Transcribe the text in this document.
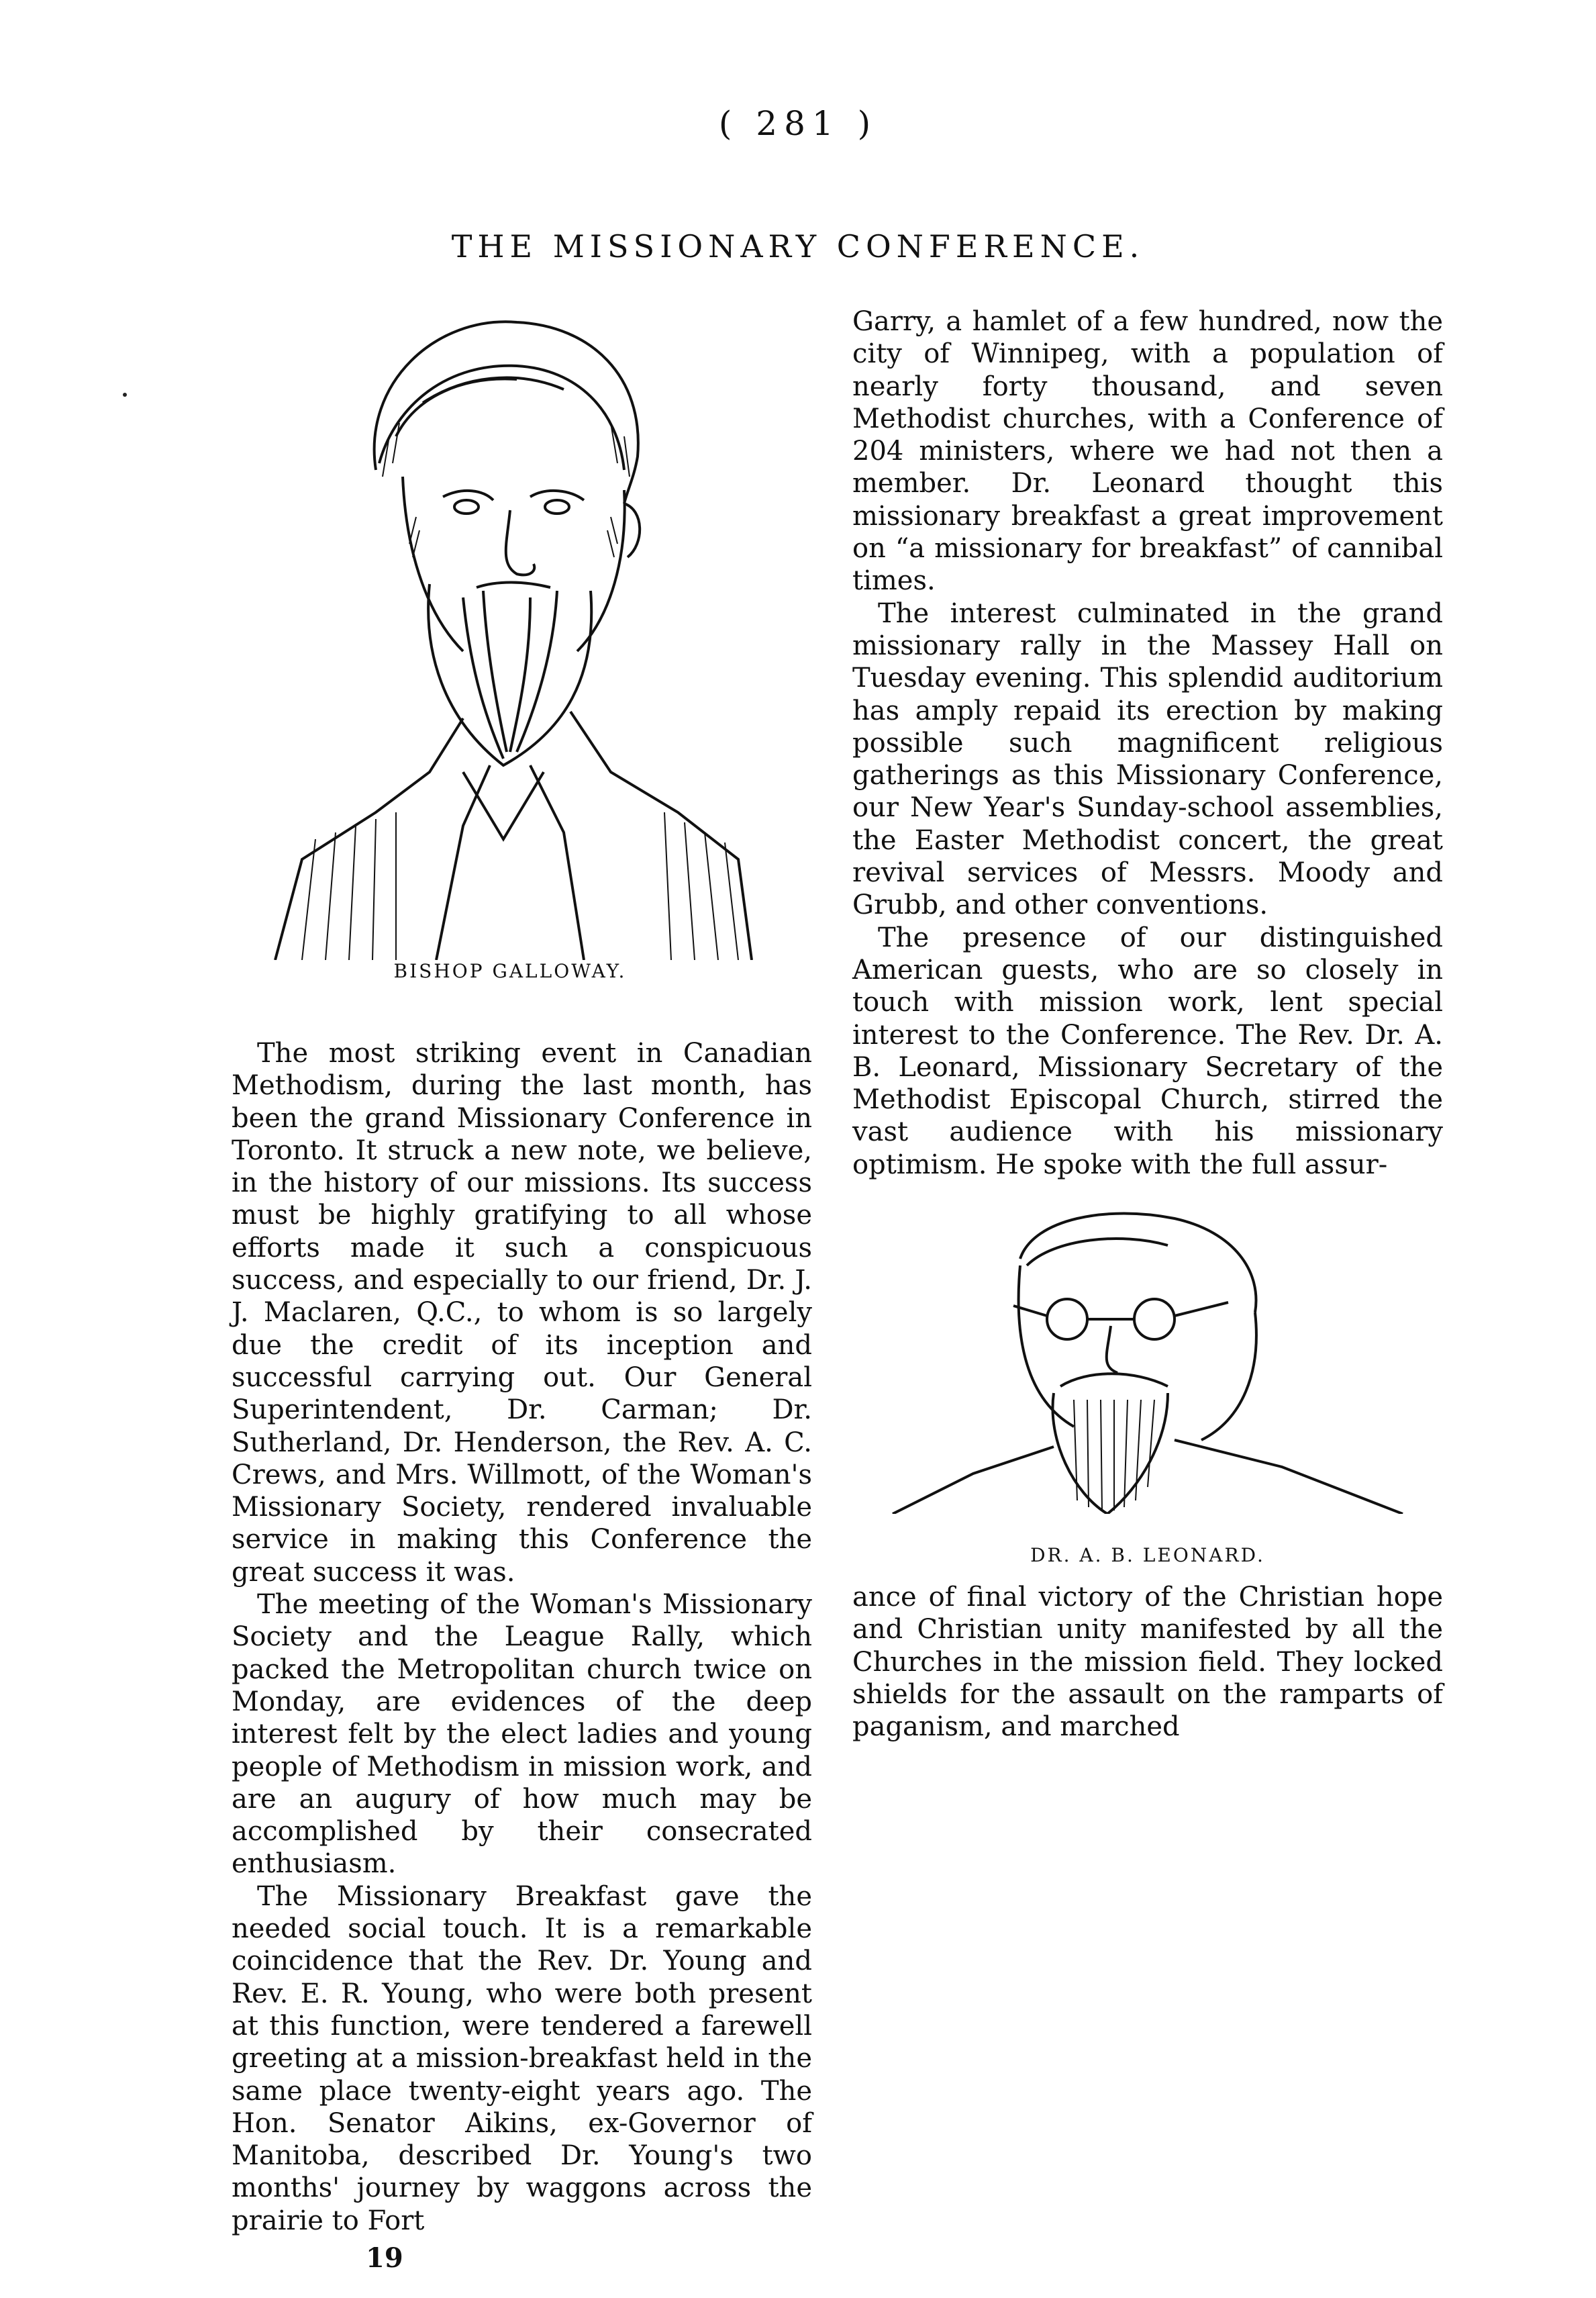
( 281 )
THE MISSIONARY CONFERENCE.
BISHOP GALLOWAY.

The most striking event in Canadian Methodism, during the last month, has been the grand Missionary Conference in Toronto. It struck a new note, we believe, in the history of our missions. Its success must be highly gratifying to all whose efforts made it such a conspicuous success, and especially to our friend, Dr. J. J. Maclaren, Q.C., to whom is so largely due the credit of its inception and successful carrying out. Our General Superintendent, Dr. Carman; Dr. Sutherland, Dr. Henderson, the Rev. A. C. Crews, and Mrs. Willmott, of the Woman's Missionary Society, rendered invaluable service in making this Conference the great success it was.

The meeting of the Woman's Missionary Society and the League Rally, which packed the Metropolitan church twice on Monday, are evidences of the deep interest felt by the elect ladies and young people of Methodism in mission work, and are an augury of how much may be accomplished by their consecrated enthusiasm.

The Missionary Breakfast gave the needed social touch. It is a remarkable coincidence that the Rev. Dr. Young and Rev. E. R. Young, who were both present at this function, were tendered a farewell greeting at a mission-breakfast held in the same place twenty-eight years ago. The Hon. Senator Aikins, ex-Governor of Manitoba, described Dr. Young's two months' journey by waggons across the prairie to Fort

Garry, a hamlet of a few hundred, now the city of Winnipeg, with a population of nearly forty thousand, and seven Methodist churches, with a Conference of 204 ministers, where we had not then a member. Dr. Leonard thought this missionary breakfast a great improvement on “a missionary for breakfast” of cannibal times.

The interest culminated in the grand missionary rally in the Massey Hall on Tuesday evening. This splendid auditorium has amply repaid its erection by making possible such magnificent religious gatherings as this Missionary Conference, our New Year's Sunday-school assemblies, the Easter Methodist concert, the great revival services of Messrs. Moody and Grubb, and other conventions.

The presence of our distinguished American guests, who are so closely in touch with mission work, lent special interest to the Conference. The Rev. Dr. A. B. Leonard, Missionary Secretary of the Methodist Episcopal Church, stirred the vast audience with his missionary optimism. He spoke with the full assur-

DR. A. B. LEONARD.

ance of final victory of the Christian hope and Christian unity manifested by all the Churches in the mission field. They locked shields for the assault on the ramparts of paganism, and marched

19
